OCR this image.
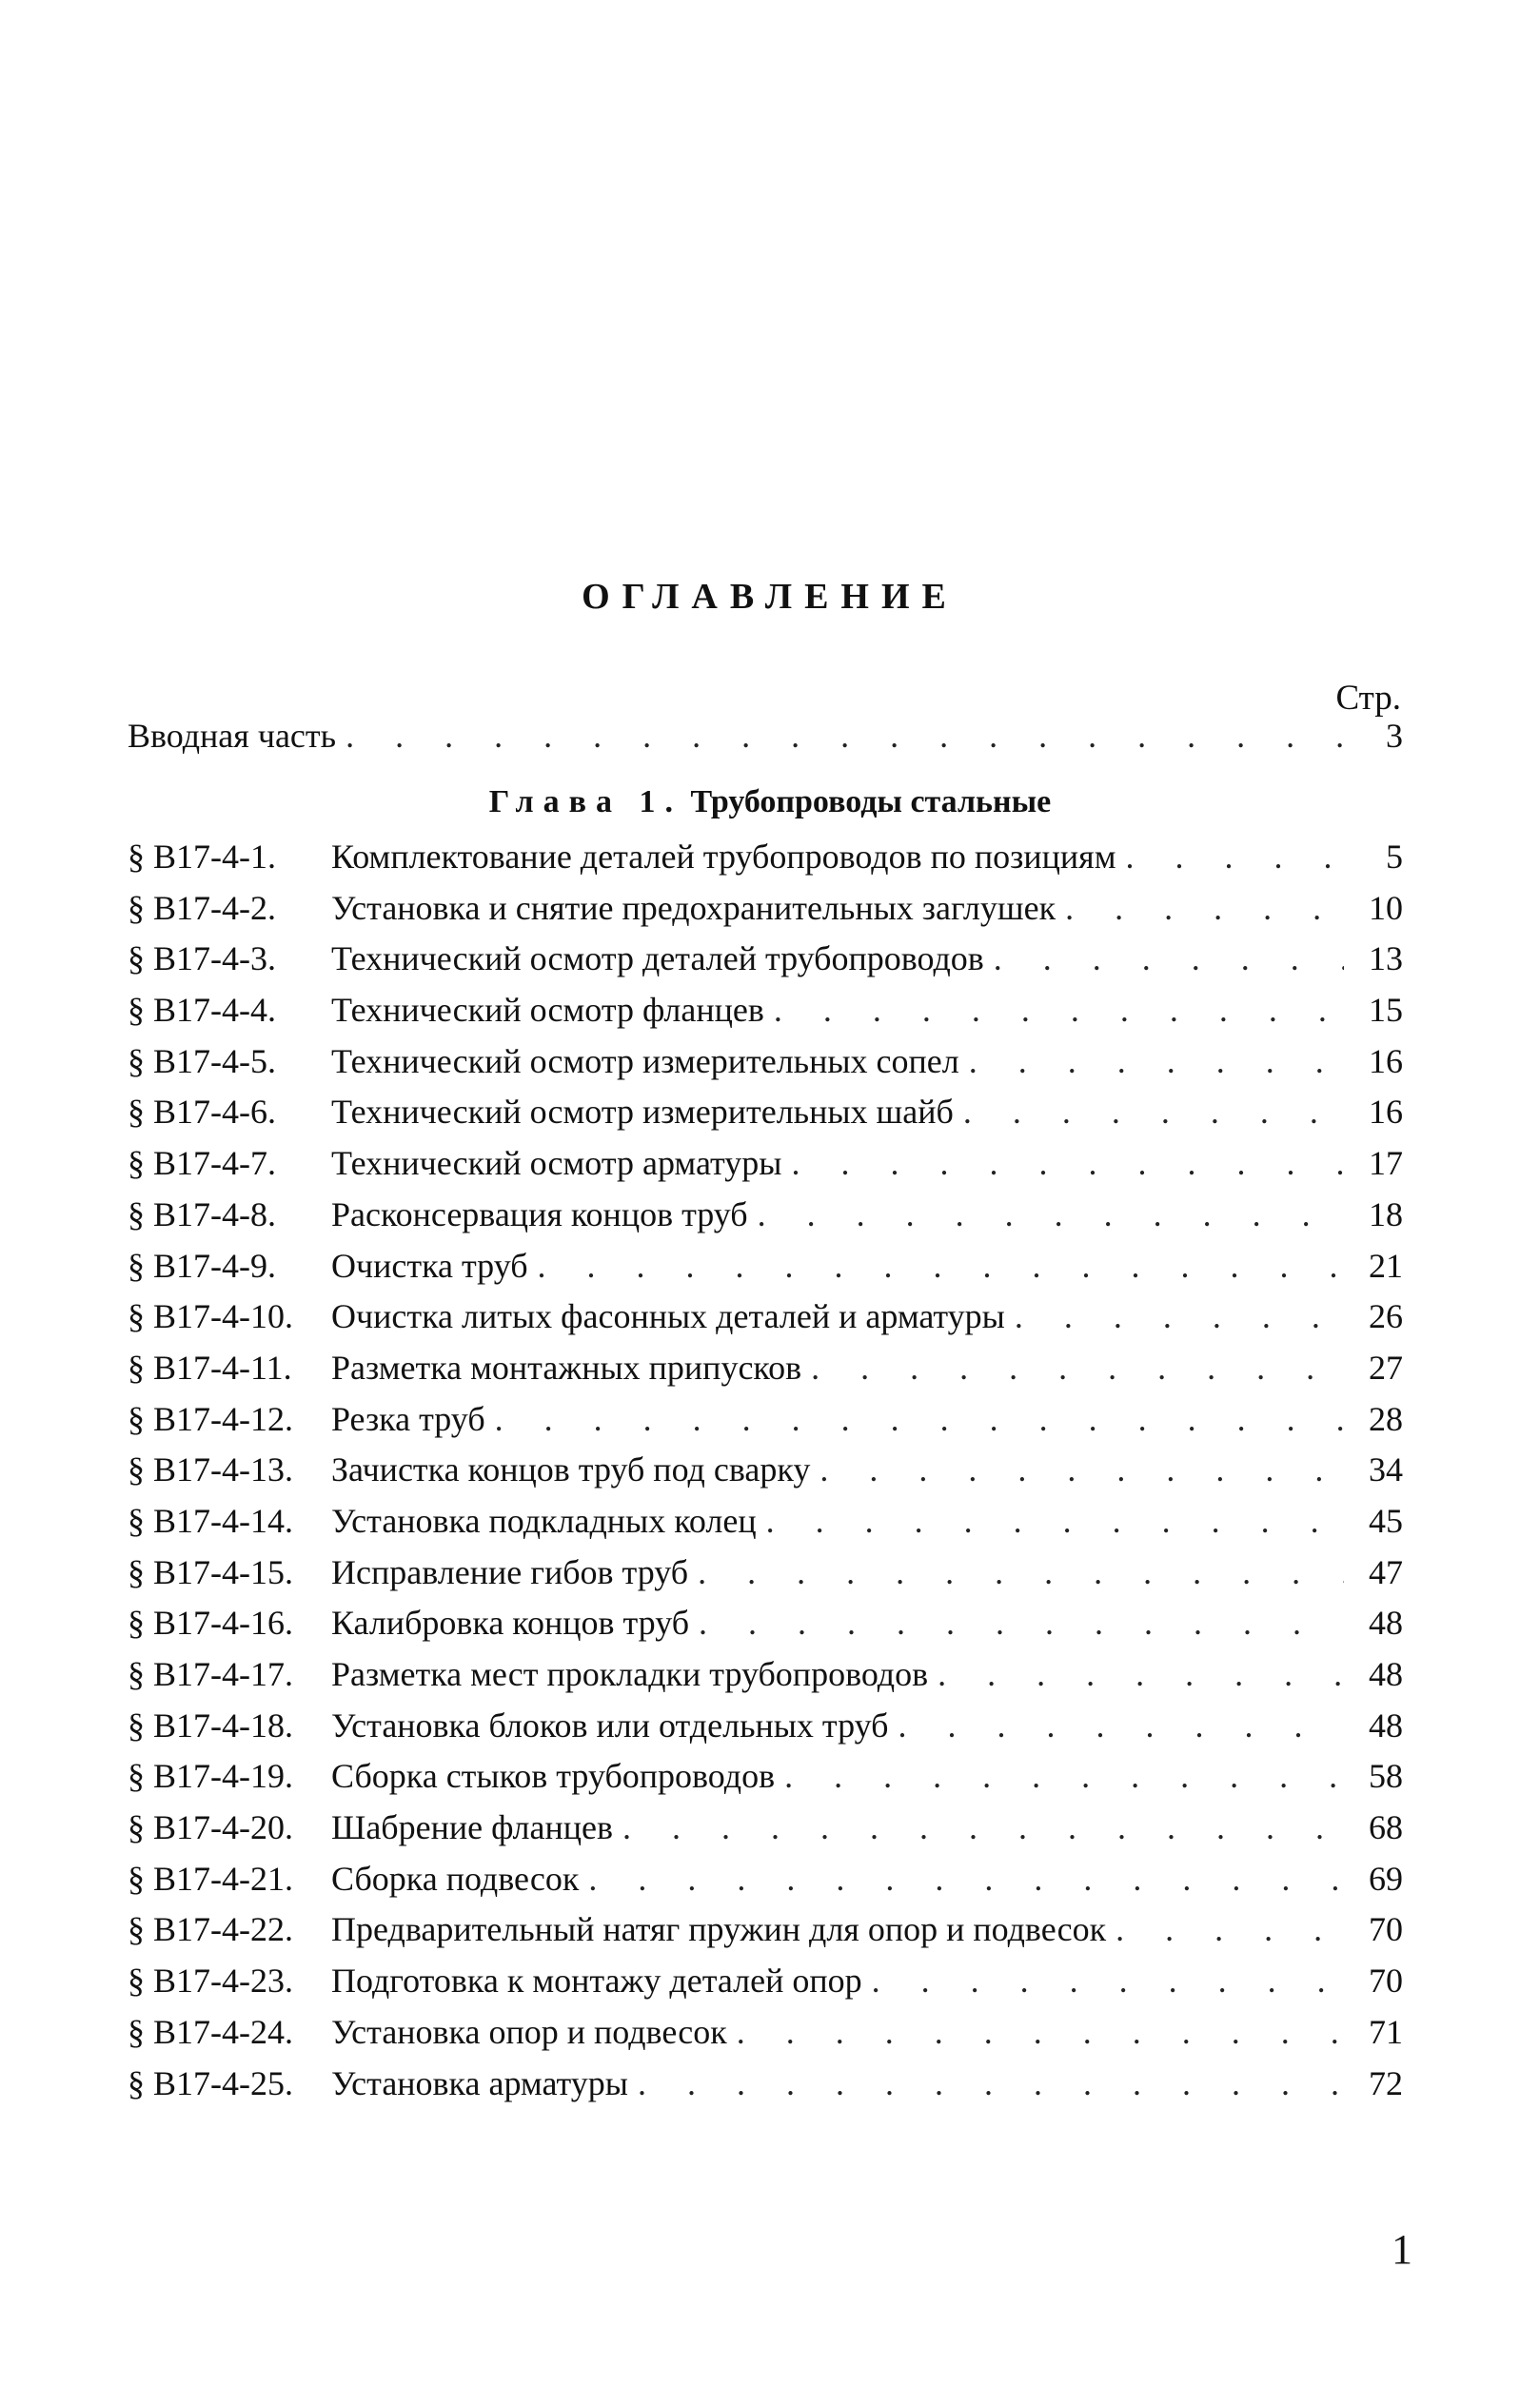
ОГЛАВЛЕНИЕ
Стр.
Вводная часть . . .	3
Глава 1. Трубопроводы стальные
§ В17-4-1.	Комплектование деталей трубопроводов по позициям . . .	5
§ В17-4-2.	Установка и снятие предохранительных заглушек . . .	10
§ В17-4-3.	Технический осмотр деталей трубопроводов . . .	13
§ В17-4-4.	Технический осмотр фланцев . . .	15
§ В17-4-5.	Технический осмотр измерительных сопел . . .	16
§ В17-4-6.	Технический осмотр измерительных шайб . . .	16
§ В17-4-7.	Технический осмотр арматуры . . .	17
§ В17-4-8.	Расконсервация концов труб . . .	18
§ В17-4-9.	Очистка труб . . .	21
§ В17-4-10.	Очистка литых фасонных деталей и арматуры . . .	26
§ В17-4-11.	Разметка монтажных припусков . . .	27
§ В17-4-12.	Резка труб . . .	28
§ В17-4-13.	Зачистка концов труб под сварку . . .	34
§ В17-4-14.	Установка подкладных колец . . .	45
§ В17-4-15.	Исправление гибов труб . . .	47
§ В17-4-16.	Калибровка концов труб . . .	48
§ В17-4-17.	Разметка мест прокладки трубопроводов . . .	48
§ В17-4-18.	Установка блоков или отдельных труб . . .	48
§ В17-4-19.	Сборка стыков трубопроводов . . .	58
§ В17-4-20.	Шабрение фланцев . . .	68
§ В17-4-21.	Сборка подвесок . . .	69
§ В17-4-22.	Предварительный натяг пружин для опор и подвесок . . .	70
§ В17-4-23.	Подготовка к монтажу деталей опор . . .	70
§ В17-4-24.	Установка опор и подвесок . . .	71
§ В17-4-25.	Установка арматуры . . .	72
1
